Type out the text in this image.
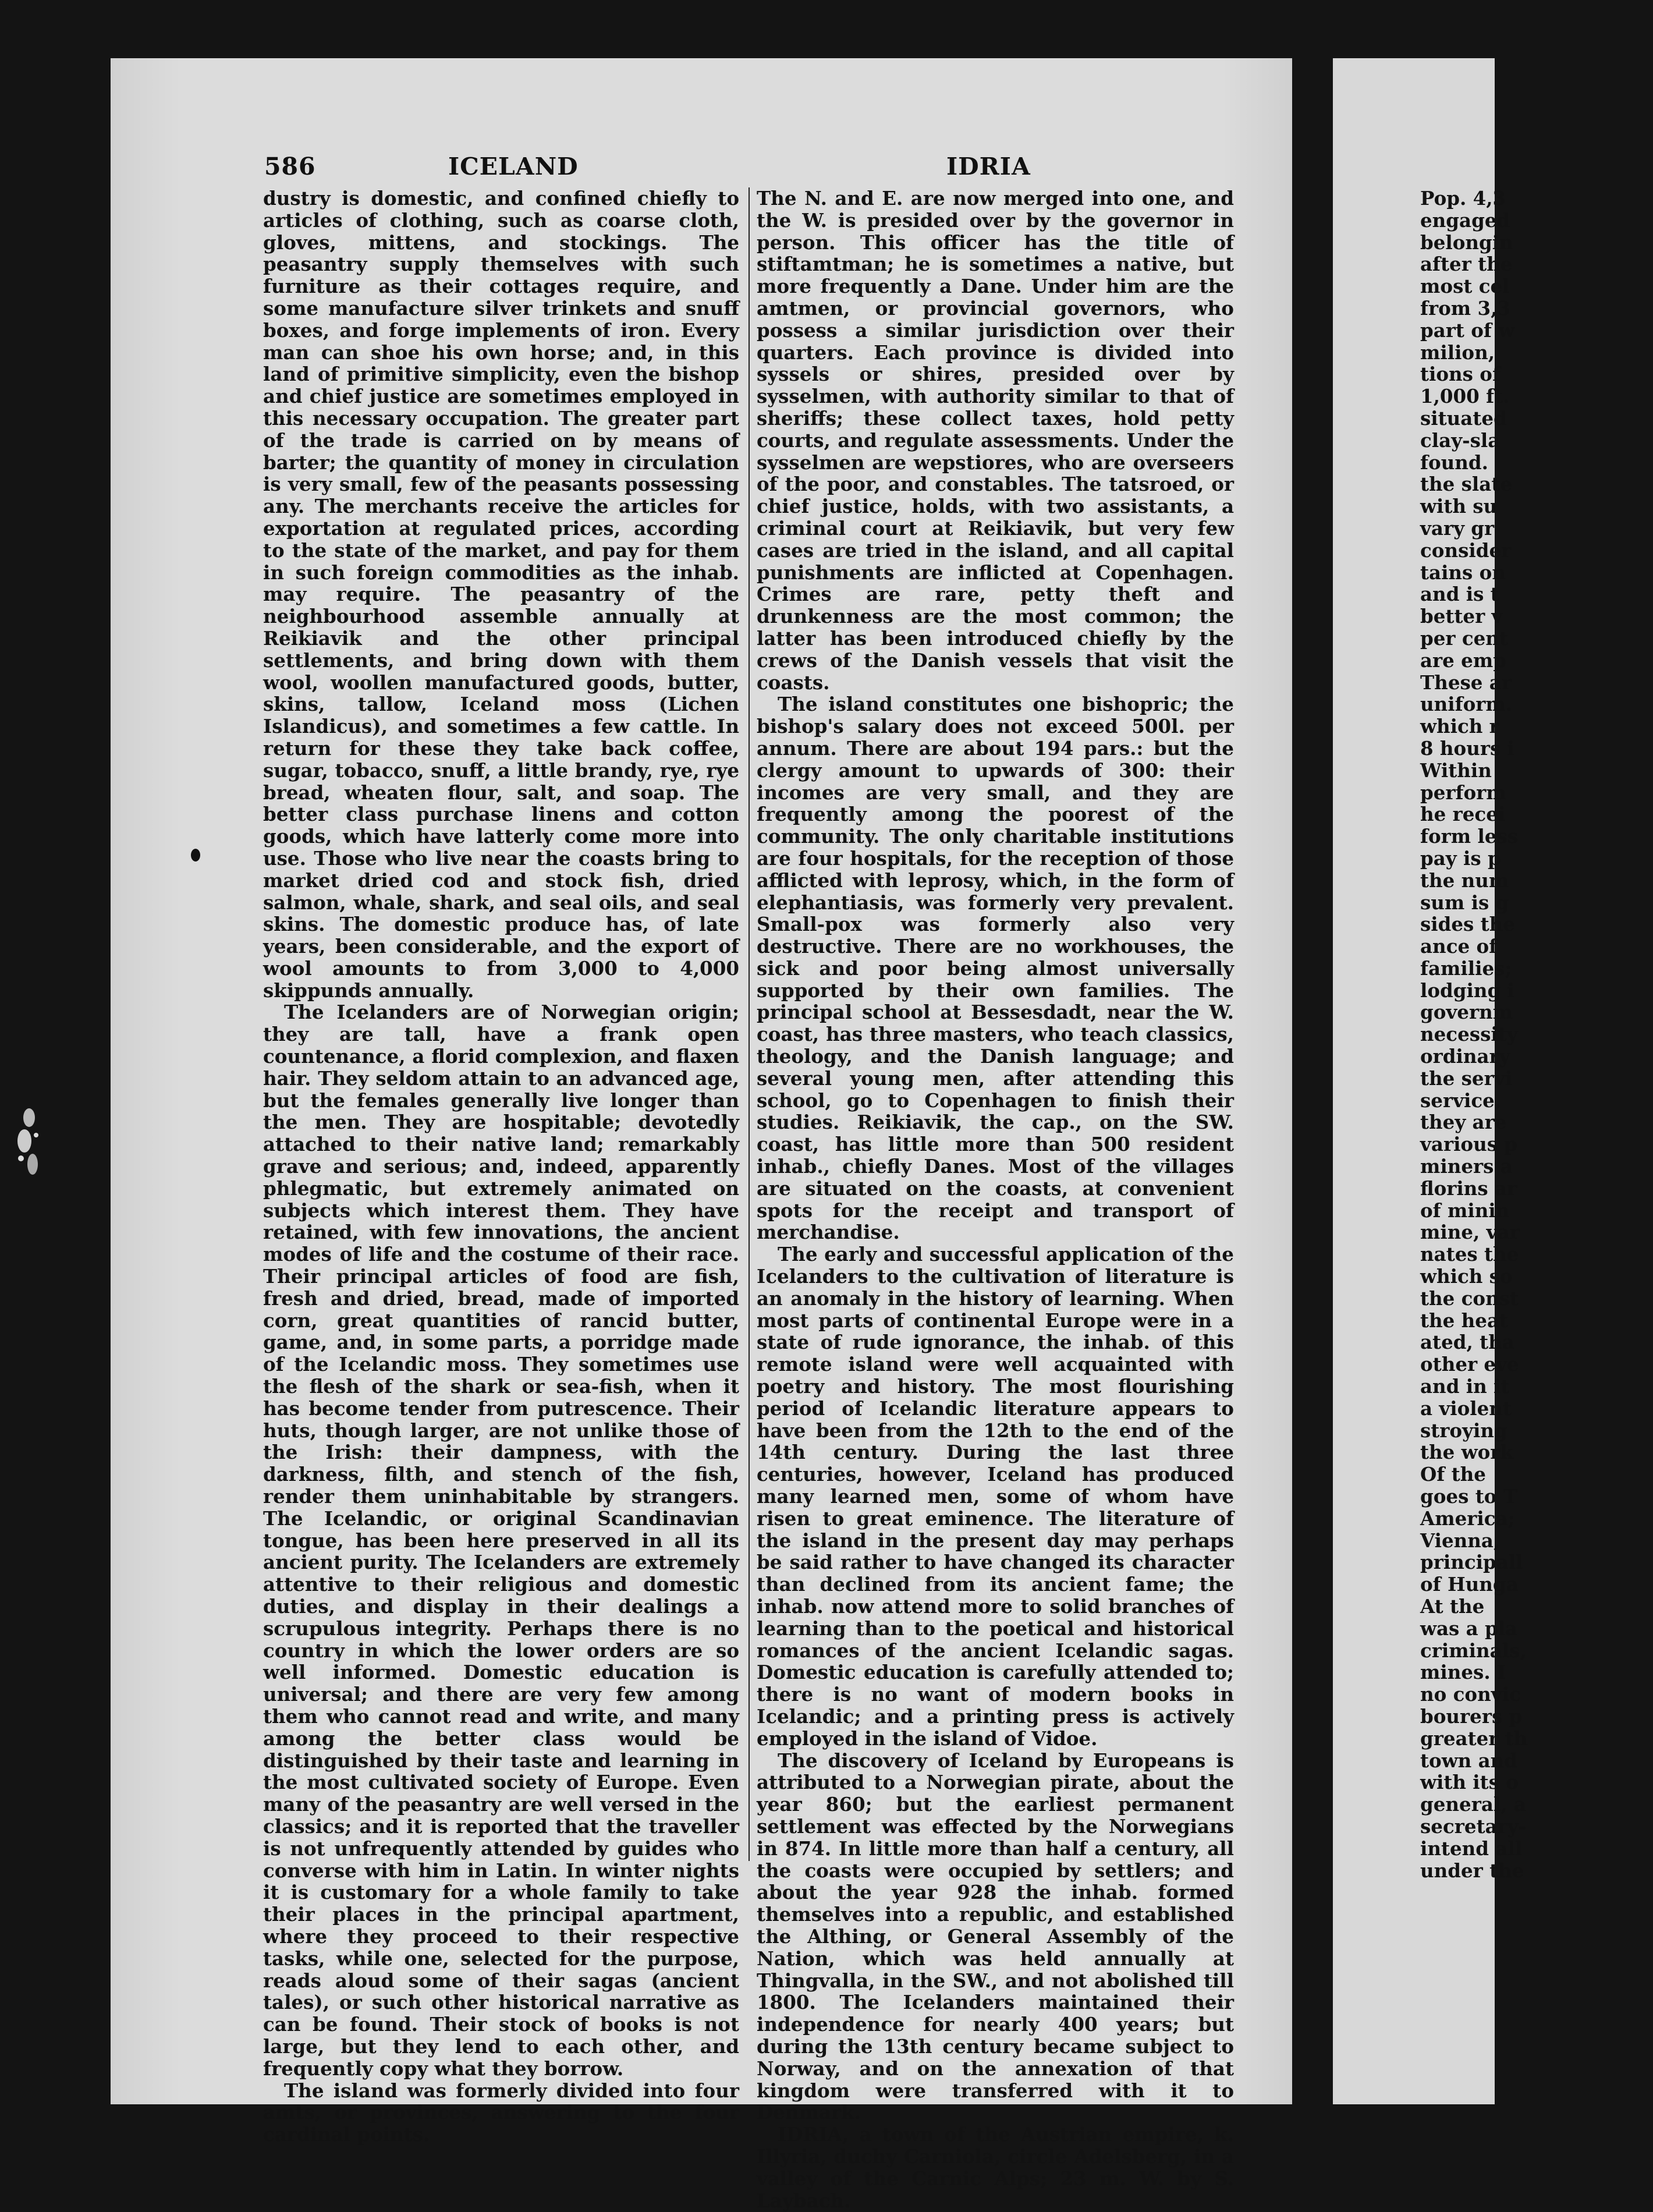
586	ICELAND	IDRIA

dustry is domestic, and confined chiefly to articles of clothing, such as coarse cloth, gloves, mittens, and stockings. The peasantry supply themselves with such furniture as their cottages require, and some manufacture silver trinkets and snuff boxes, and forge implements of iron. Every man can shoe his own horse; and, in this land of primitive simplicity, even the bishop and chief justice are sometimes employed in this necessary occupation. The greater part of the trade is carried on by means of barter; the quantity of money in circulation is very small, few of the peasants possessing any. The merchants receive the articles for exportation at regulated prices, according to the state of the market, and pay for them in such foreign commodities as the inhab. may require. The peasantry of the neighbourhood assemble annually at Reikiavik and the other principal settlements, and bring down with them wool, woollen manufactured goods, butter, skins, tallow, Iceland moss (Lichen Islandicus), and sometimes a few cattle. In return for these they take back coffee, sugar, tobacco, snuff, a little brandy, rye, rye bread, wheaten flour, salt, and soap. The better class purchase linens and cotton goods, which have latterly come more into use. Those who live near the coasts bring to market dried cod and stock fish, dried salmon, whale, shark, and seal oils, and seal skins. The domestic produce has, of late years, been considerable, and the export of wool amounts to from 3,000 to 4,000 skippunds annually.

The Icelanders are of Norwegian origin; they are tall, have a frank open countenance, a florid complexion, and flaxen hair. They seldom attain to an advanced age, but the females generally live longer than the men. They are hospitable; devotedly attached to their native land; remarkably grave and serious; and, indeed, apparently phlegmatic, but extremely animated on subjects which interest them. They have retained, with few innovations, the ancient modes of life and the costume of their race. Their principal articles of food are fish, fresh and dried, bread, made of imported corn, great quantities of rancid butter, game, and, in some parts, a porridge made of the Icelandic moss. They sometimes use the flesh of the shark or sea-fish, when it has become tender from putrescence. Their huts, though larger, are not unlike those of the Irish: their dampness, with the darkness, filth, and stench of the fish, render them uninhabitable by strangers. The Icelandic, or original Scandinavian tongue, has been here preserved in all its ancient purity. The Icelanders are extremely attentive to their religious and domestic duties, and display in their dealings a scrupulous integrity. Perhaps there is no country in which the lower orders are so well informed. Domestic education is universal; and there are very few among them who cannot read and write, and many among the better class would be distinguished by their taste and learning in the most cultivated society of Europe. Even many of the peasantry are well versed in the classics; and it is reported that the traveller is not unfrequently attended by guides who converse with him in Latin. In winter nights it is customary for a whole family to take their places in the principal apartment, where they proceed to their respective tasks, while one, selected for the purpose, reads aloud some of their sagas (ancient tales), or such other historical narrative as can be found. Their stock of books is not large, but they lend to each other, and frequently copy what they borrow.

The island was formerly divided into four amts, or provinces, answering to the four cardinal points.

The N. and E. are now merged into one, and the W. is presided over by the governor in person. This officer has the title of stiftamtman; he is sometimes a native, but more frequently a Dane. Under him are the amtmen, or provincial governors, who possess a similar jurisdiction over their quarters. Each province is divided into syssels or shires, presided over by sysselmen, with authority similar to that of sheriffs; these collect taxes, hold petty courts, and regulate assessments. Under the sysselmen are wepstiores, who are overseers of the poor, and constables. The tatsroed, or chief justice, holds, with two assistants, a criminal court at Reikiavik, but very few cases are tried in the island, and all capital punishments are inflicted at Copenhagen. Crimes are rare, petty theft and drunkenness are the most common; the latter has been introduced chiefly by the crews of the Danish vessels that visit the coasts.

The island constitutes one bishopric; the bishop's salary does not exceed 500l. per annum. There are about 194 pars.: but the clergy amount to upwards of 300: their incomes are very small, and they are frequently among the poorest of the community. The only charitable institutions are four hospitals, for the reception of those afflicted with leprosy, which, in the form of elephantiasis, was formerly very prevalent. Small-pox was formerly also very destructive. There are no workhouses, the sick and poor being almost universally supported by their own families. The principal school at Bessesdadt, near the W. coast, has three masters, who teach classics, theology, and the Danish language; and several young men, after attending this school, go to Copenhagen to finish their studies. Reikiavik, the cap., on the SW. coast, has little more than 500 resident inhab., chiefly Danes. Most of the villages are situated on the coasts, at convenient spots for the receipt and transport of merchandise.

The early and successful application of the Icelanders to the cultivation of literature is an anomaly in the history of learning. When most parts of continental Europe were in a state of rude ignorance, the inhab. of this remote island were well acquainted with poetry and history. The most flourishing period of Icelandic literature appears to have been from the 12th to the end of the 14th century. During the last three centuries, however, Iceland has produced many learned men, some of whom have risen to great eminence. The literature of the island in the present day may perhaps be said rather to have changed its character than declined from its ancient fame; the inhab. now attend more to solid branches of learning than to the poetical and historical romances of the ancient Icelandic sagas. Domestic education is carefully attended to; there is no want of modern books in Icelandic; and a printing press is actively employed in the island of Vidoe.

The discovery of Iceland by Europeans is attributed to a Norwegian pirate, about the year 860; but the earliest permanent settlement was effected by the Norwegians in 874. In little more than half a century, all the coasts were occupied by settlers; and about the year 928 the inhab. formed themselves into a republic, and established the Althing, or General Assembly of the Nation, which was held annually at Thingvalla, in the SW., and not abolished till 1800. The Icelanders maintained their independence for nearly 400 years; but during the 13th century became subject to Norway, and on the annexation of that kingdom were transferred with it to Denmark.

IDRIA, a town of the Austrian empire, k. Illyria, duchy Carniola, circle Adelsberg, in a valley of the Carnic Alps; 23 m. W. by S. Laybach.

Pop. 4,3
engaged
belongin
after the
most cel
from 3,3
part of w
milion,
tions of
1,000 ft.
situated
clay-sla
found.
the slate
with su
vary gr
consider
tains on
and is t
better v
per cent
are emp
These ar
uniform.
which r
8 hours i
Within
perform
he recei
form less
pay is p
the num
sum is g
sides the
ance of
families;
lodging i
governm
necessity
ordinary
the servi
service,
they are
various p
miners a
florins ar
of minin
mine, var
nates the
which so
the const
the heat
ated, tha
other eve
and in it
a violent
stroying
the work
Of the
goes to T
America;
Vienna,
principall
of Hunga
At the
was a pla
criminals,
mines. I
no convic
bourers p
greater th
town and
with its o
general, a
secretary-
intend all
under the
